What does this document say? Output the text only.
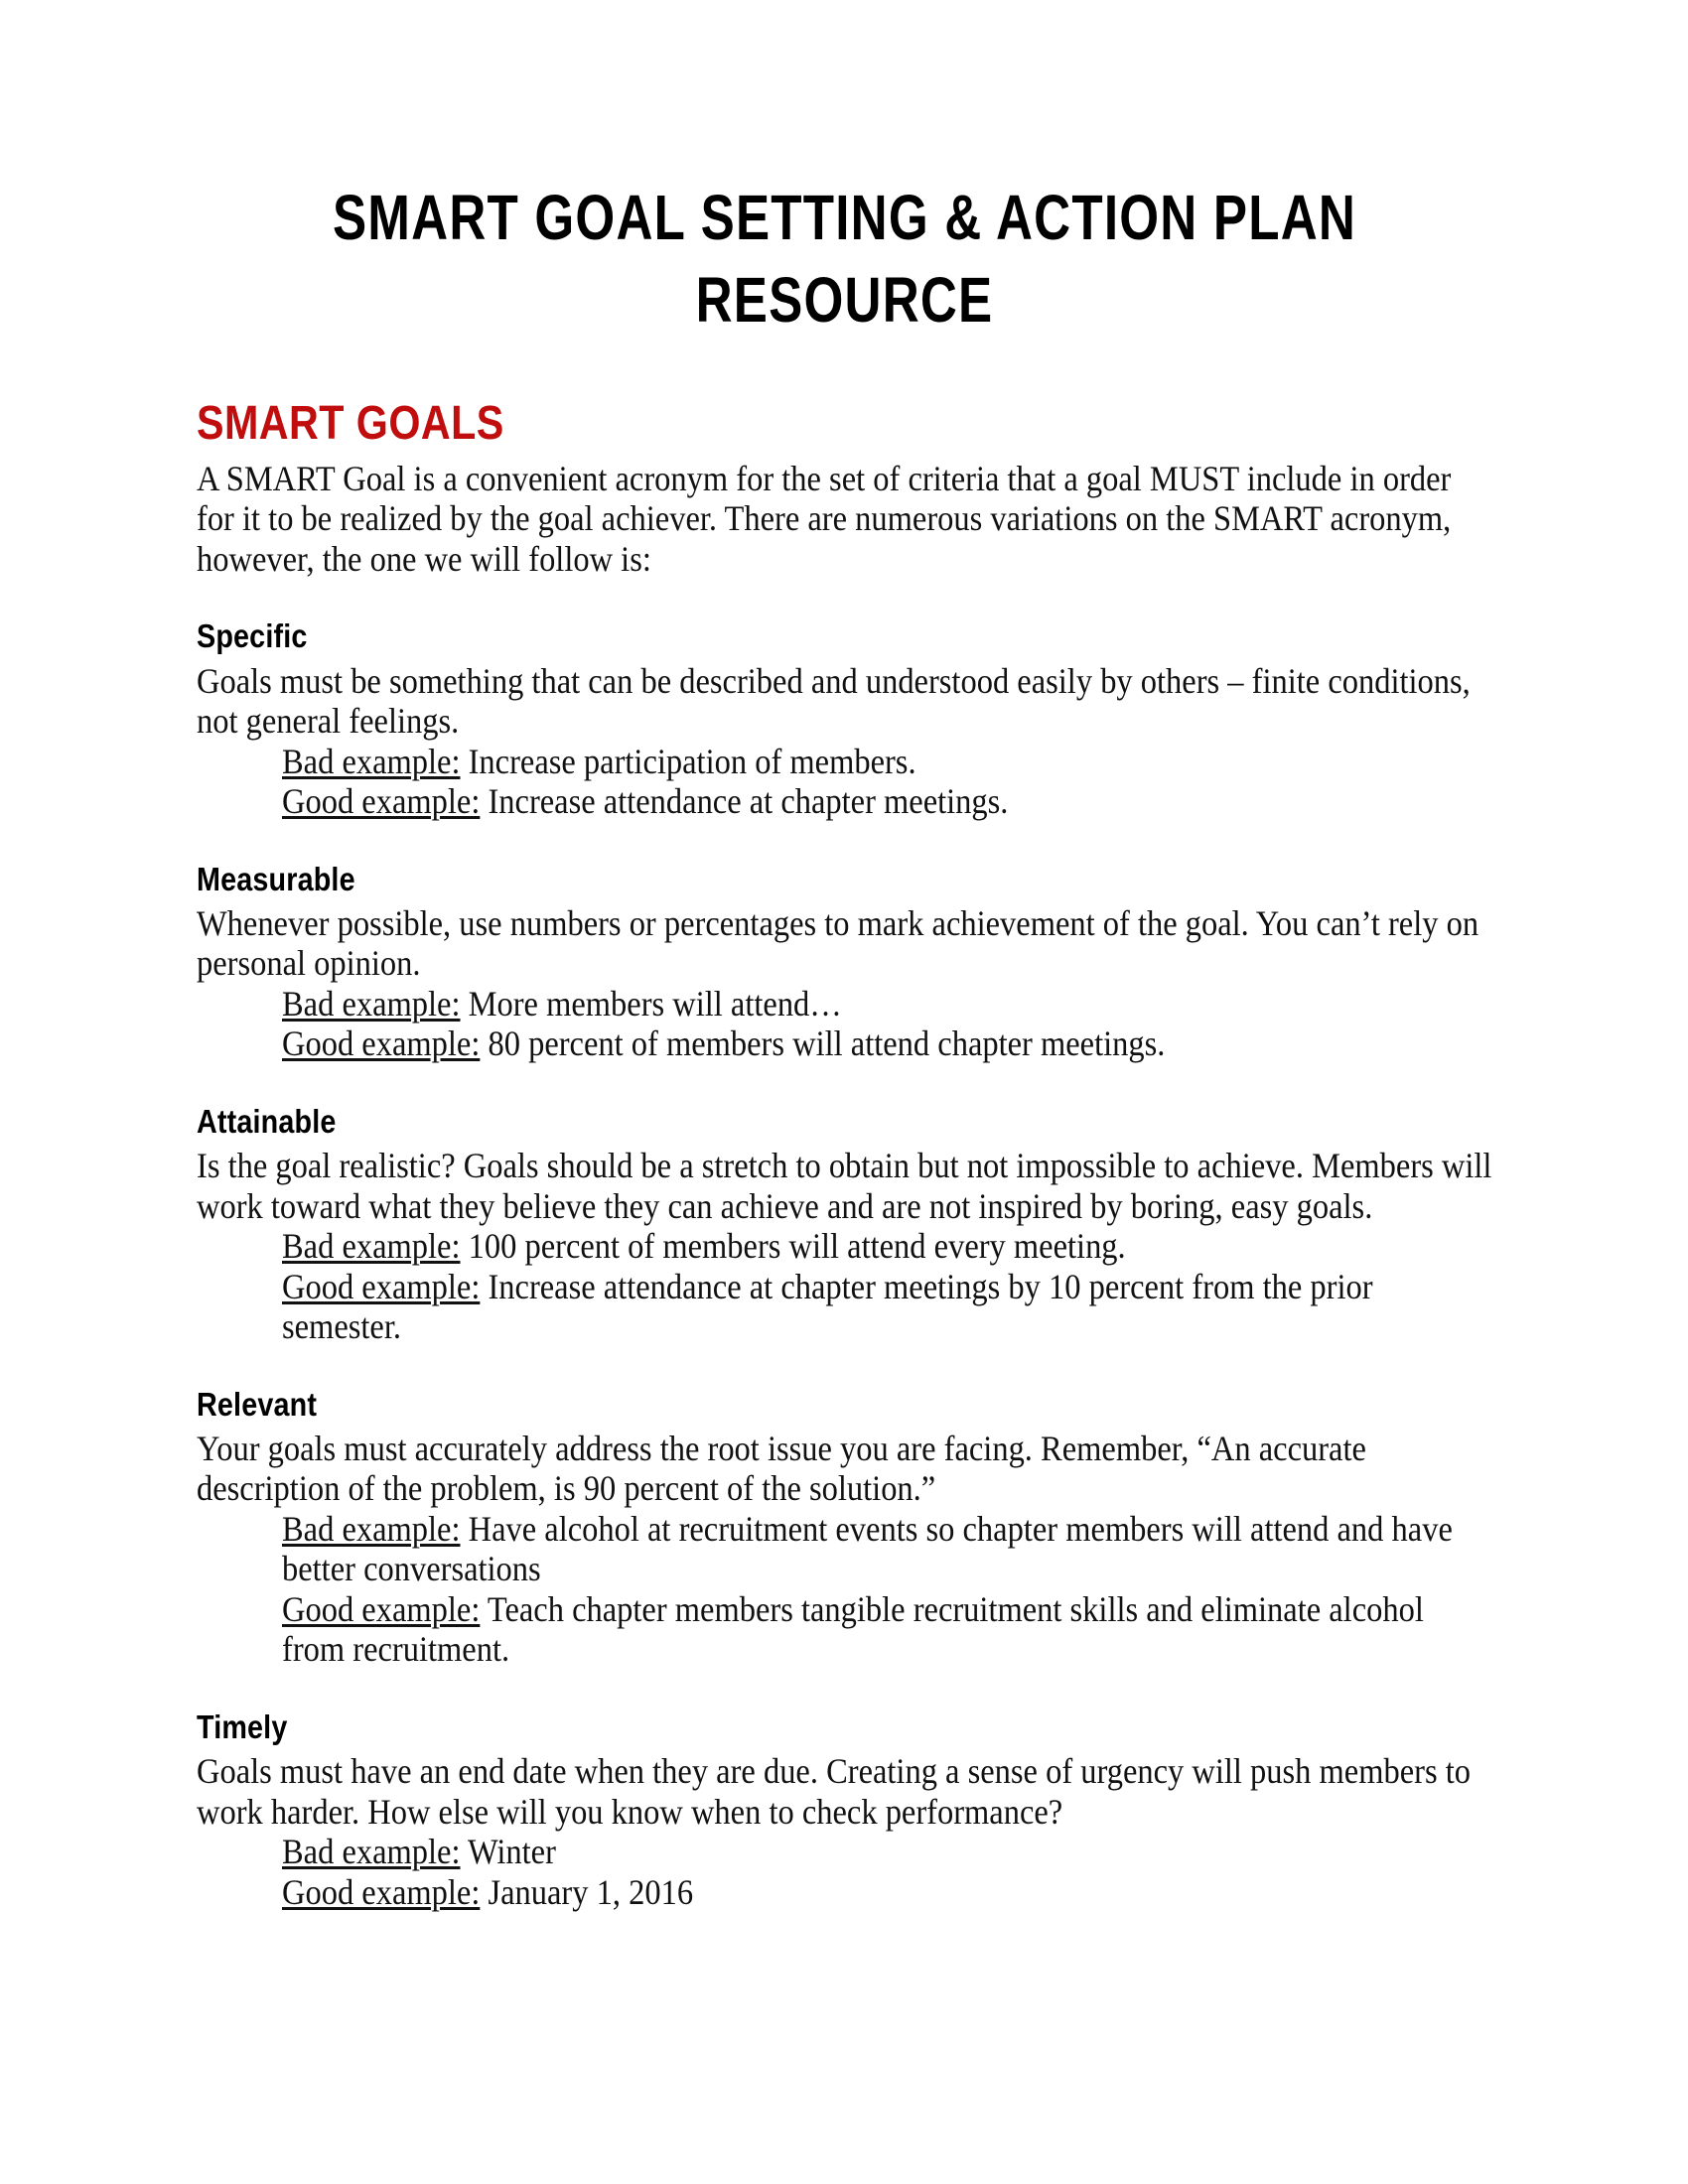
SMART GOAL SETTING & ACTION PLAN
RESOURCE
SMART GOALS

A SMART Goal is a convenient acronym for the set of criteria that a goal MUST include in order for it to be realized by the goal achiever. There are numerous variations on the SMART acronym, however, the one we will follow is:

Specific

Goals must be something that can be described and understood easily by others – finite conditions, not general feelings.

Bad example: Increase participation of members.

Good example: Increase attendance at chapter meetings.

Measurable

Whenever possible, use numbers or percentages to mark achievement of the goal. You can’t rely on personal opinion.

Bad example: More members will attend…

Good example: 80 percent of members will attend chapter meetings.

Attainable

Is the goal realistic? Goals should be a stretch to obtain but not impossible to achieve. Members will work toward what they believe they can achieve and are not inspired by boring, easy goals.

Bad example: 100 percent of members will attend every meeting.

Good example: Increase attendance at chapter meetings by 10 percent from the prior semester.

Relevant

Your goals must accurately address the root issue you are facing. Remember, “An accurate description of the problem, is 90 percent of the solution.”

Bad example: Have alcohol at recruitment events so chapter members will attend and have better conversations

Good example: Teach chapter members tangible recruitment skills and eliminate alcohol from recruitment.

Timely

Goals must have an end date when they are due. Creating a sense of urgency will push members to work harder. How else will you know when to check performance?

Bad example: Winter

Good example: January 1, 2016
